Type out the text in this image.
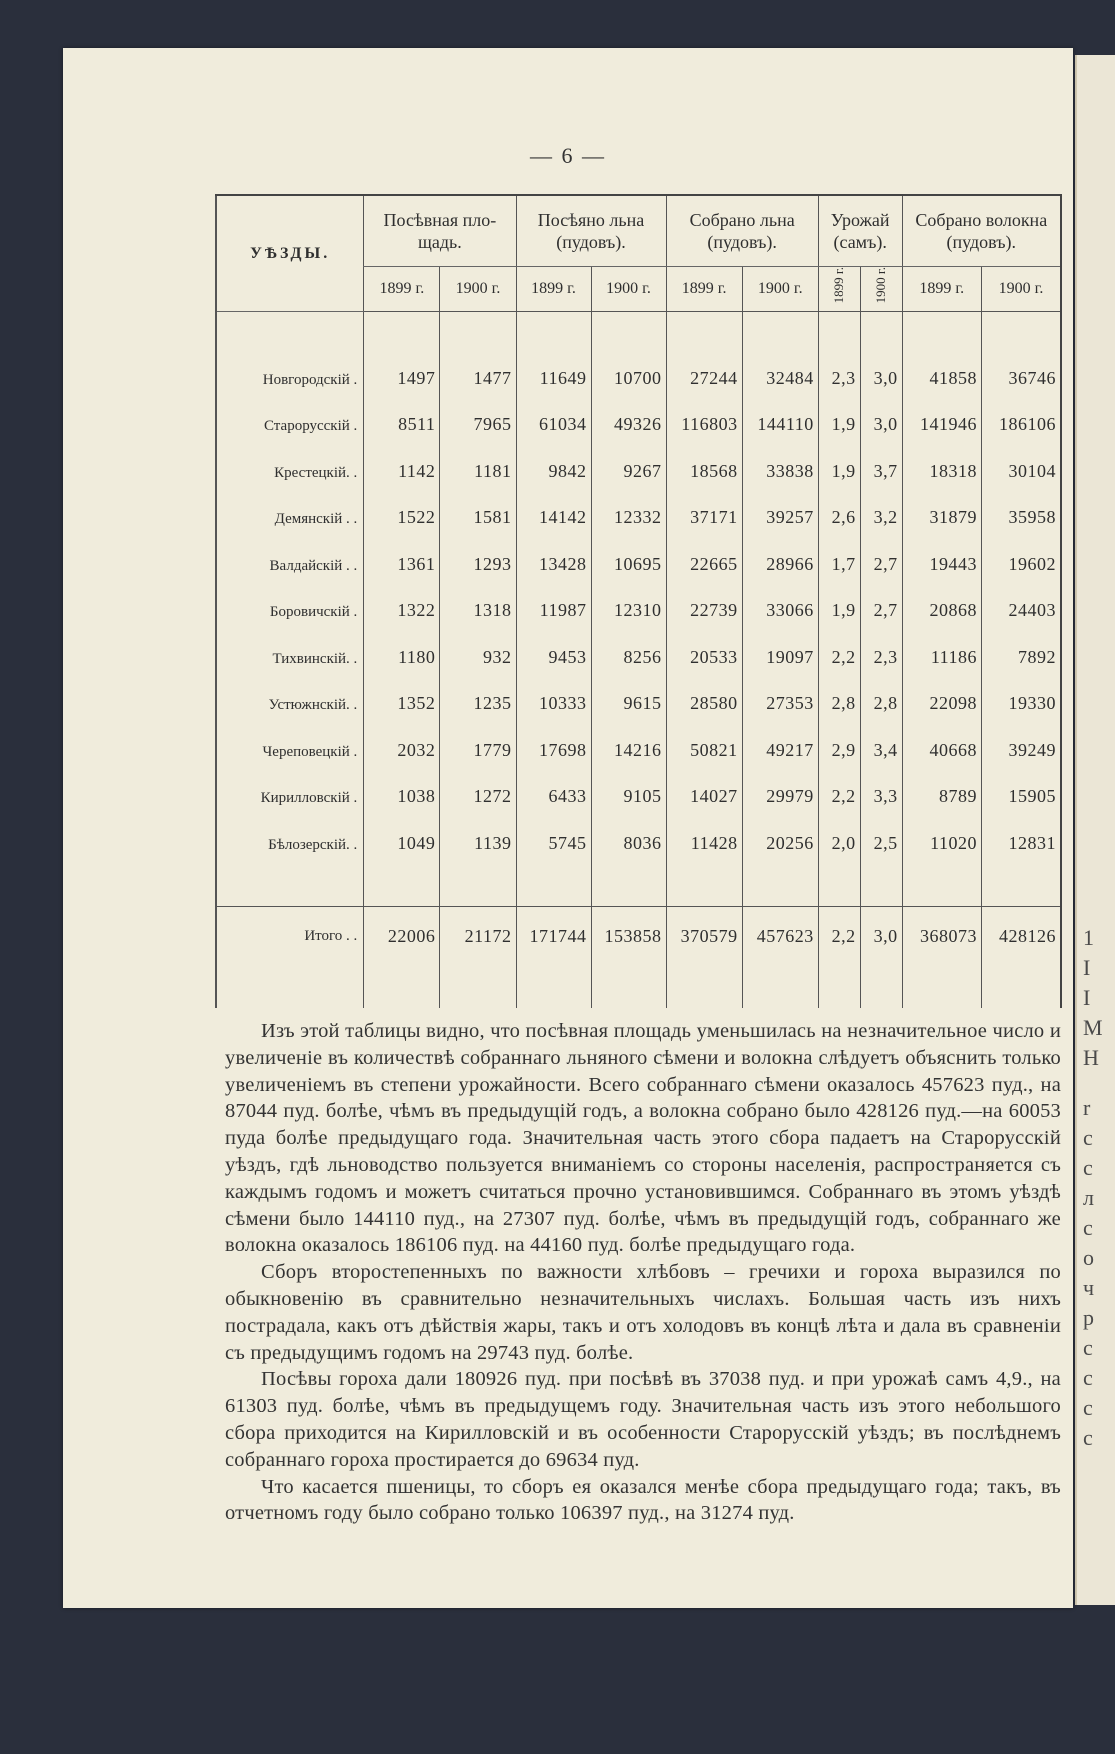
1
I
I
M
H
r
c
c
л
c
o
ч
p
c
c
c
c
— 6 —
УѢЗДЫ.	Посѣвная пло-щадь.		Посѣяно льна (пудовъ).		Собрано льна (пудовъ).		Урожай (самъ).		Собрано волокна (пудовъ).	
	1899 г.	1900 г.	1899 г.	1900 г.	1899 г.	1900 г.	1899 г.	1900 г.	1899 г.	1900 г.

Новгородскій .	1497	1477	11649	10700	27244	32484	2,3	3,0	41858	36746
Старорусскій .	8511	7965	61034	49326	116803	144110	1,9	3,0	141946	186106
Крестецкій. .	1142	1181	9842	9267	18568	33838	1,9	3,7	18318	30104
Демянскій . .	1522	1581	14142	12332	37171	39257	2,6	3,2	31879	35958
Валдайскій . .	1361	1293	13428	10695	22665	28966	1,7	2,7	19443	19602
Боровичскій .	1322	1318	11987	12310	22739	33066	1,9	2,7	20868	24403
Тихвинскій. .	1180	932	9453	8256	20533	19097	2,2	2,3	11186	7892
Устюжнскій. .	1352	1235	10333	9615	28580	27353	2,8	2,8	22098	19330
Череповецкій .	2032	1779	17698	14216	50821	49217	2,9	3,4	40668	39249
Кирилловскій .	1038	1272	6433	9105	14027	29979	2,2	3,3	8789	15905
Бѣлозерскій. .	1049	1139	5745	8036	11428	20256	2,0	2,5	11020	12831

Итого . .	22006	21172	171744	153858	370579	457623	2,2	3,0	368073	428126

Изъ этой таблицы видно, что посѣвная площадь уменьшилась на незначительное число и увеличеніе въ количествѣ собраннаго льняного сѣмени и волокна слѣдуетъ объяснить только увеличеніемъ въ степени урожайности. Всего собраннаго сѣмени оказалось 457623 пуд., на 87044 пуд. болѣе, чѣмъ въ предыдущій годъ, а волокна собрано было 428126 пуд.—на 60053 пуда болѣе предыдущаго года. Значительная часть этого сбора падаетъ на Старорусскій уѣздъ, гдѣ льноводство пользуется вниманіемъ со стороны населенія, распространяется съ каждымъ годомъ и можетъ считаться прочно установившимся. Собраннаго въ этомъ уѣздѣ сѣмени было 144110 пуд., на 27307 пуд. болѣе, чѣмъ въ предыдущій годъ, собраннаго же волокна оказалось 186106 пуд. на 44160 пуд. болѣе предыдущаго года.

Сборъ второстепенныхъ по важности хлѣбовъ – гречихи и гороха выразился по обыкновенію въ сравнительно незначительныхъ числахъ. Большая часть изъ нихъ пострадала, какъ отъ дѣйствія жары, такъ и отъ холодовъ въ концѣ лѣта и дала въ сравненіи съ предыдущимъ годомъ на 29743 пуд. болѣе.

Посѣвы гороха дали 180926 пуд. при посѣвѣ въ 37038 пуд. и при урожаѣ самъ 4,9., на 61303 пуд. болѣе, чѣмъ въ предыдущемъ году. Значительная часть изъ этого небольшого сбора приходится на Кирилловскій и въ особенности Старорусскій уѣздъ; въ послѣднемъ собраннаго гороха простирается до 69634 пуд.

Что касается пшеницы, то сборъ ея оказался менѣе сбора предыдущаго года; такъ, въ отчетномъ году было собрано только 106397 пуд., на 31274 пуд.
